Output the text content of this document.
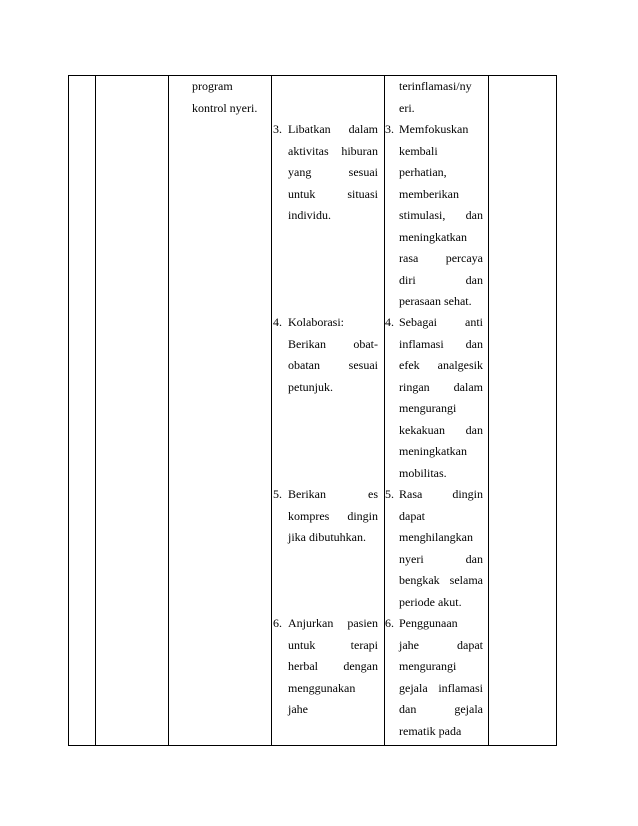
program
kontrol nyeri.
terinflamasi/ny
eri.
3. Libatkan dalam
aktivitas hiburan
yang sesuai
untuk situasi
individu.
4. Kolaborasi:
Berikan obat-
obatan sesuai
petunjuk.
5. Berikan es
kompres dingin
jika dibutuhkan.
6. Anjurkan pasien
untuk terapi
herbal dengan
menggunakan
jahe
3. Memfokuskan
kembali
perhatian,
memberikan
stimulasi, dan
meningkatkan
rasa percaya
diri dan
perasaan sehat.
4. Sebagai anti
inflamasi dan
efek analgesik
ringan dalam
mengurangi
kekakuan dan
meningkatkan
mobilitas.
5. Rasa dingin
dapat
menghilangkan
nyeri dan
bengkak selama
periode akut.
6. Penggunaan
jahe dapat
mengurangi
gejala inflamasi
dan gejala
rematik pada
